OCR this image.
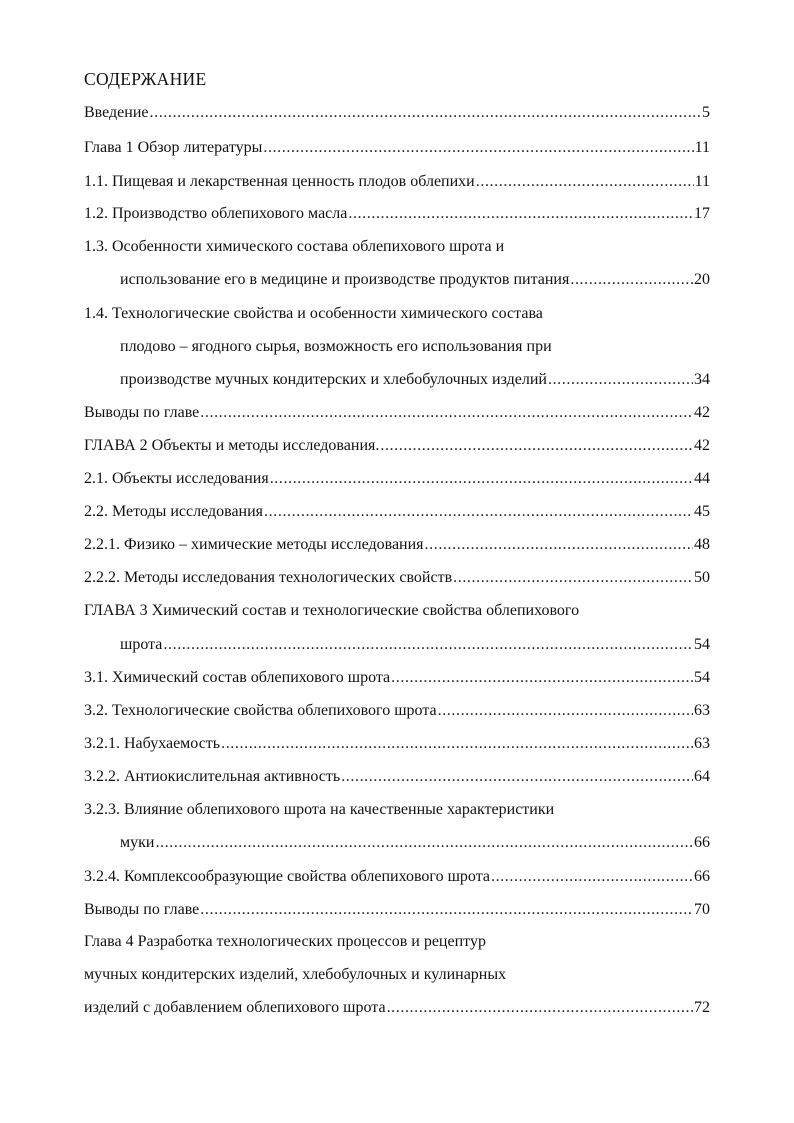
СОДЕРЖАНИЕ
Введение .....	5
Глава 1 Обзор литературы .....	11
1.1. Пищевая и лекарственная ценность плодов облепихи .....	11
1.2. Производство облепихового масла .....	17
1.3. Особенности химического состава облепихового шрота и
использование его в медицине и производстве продуктов питания .....	20
1.4. Технологические свойства и особенности химического состава
плодово – ягодного сырья, возможность его использования при
производстве мучных кондитерских и хлебобулочных изделий .....	34
Выводы по главе .....	42
ГЛАВА 2 Объекты и методы исследования. .....	42
2.1. Объекты исследования .....	44
2.2. Методы исследования .....	45
2.2.1. Физико – химические методы исследования .....	48
2.2.2. Методы исследования технологических свойств .....	50
ГЛАВА 3 Химический состав и технологические свойства облепихового
шрота .....	54
3.1. Химический состав облепихового шрота .....	54
3.2. Технологические свойства облепихового шрота .....	63
3.2.1. Набухаемость .....	63
3.2.2. Антиокислительная активность .....	64
3.2.3. Влияние облепихового шрота на качественные характеристики
муки .....	66
3.2.4. Комплексообразующие свойства облепихового шрота .....	66
Выводы по главе .....	70
Глава 4 Разработка технологических процессов и рецептур
мучных кондитерских изделий, хлебобулочных и кулинарных
изделий с добавлением облепихового шрота .....	72
